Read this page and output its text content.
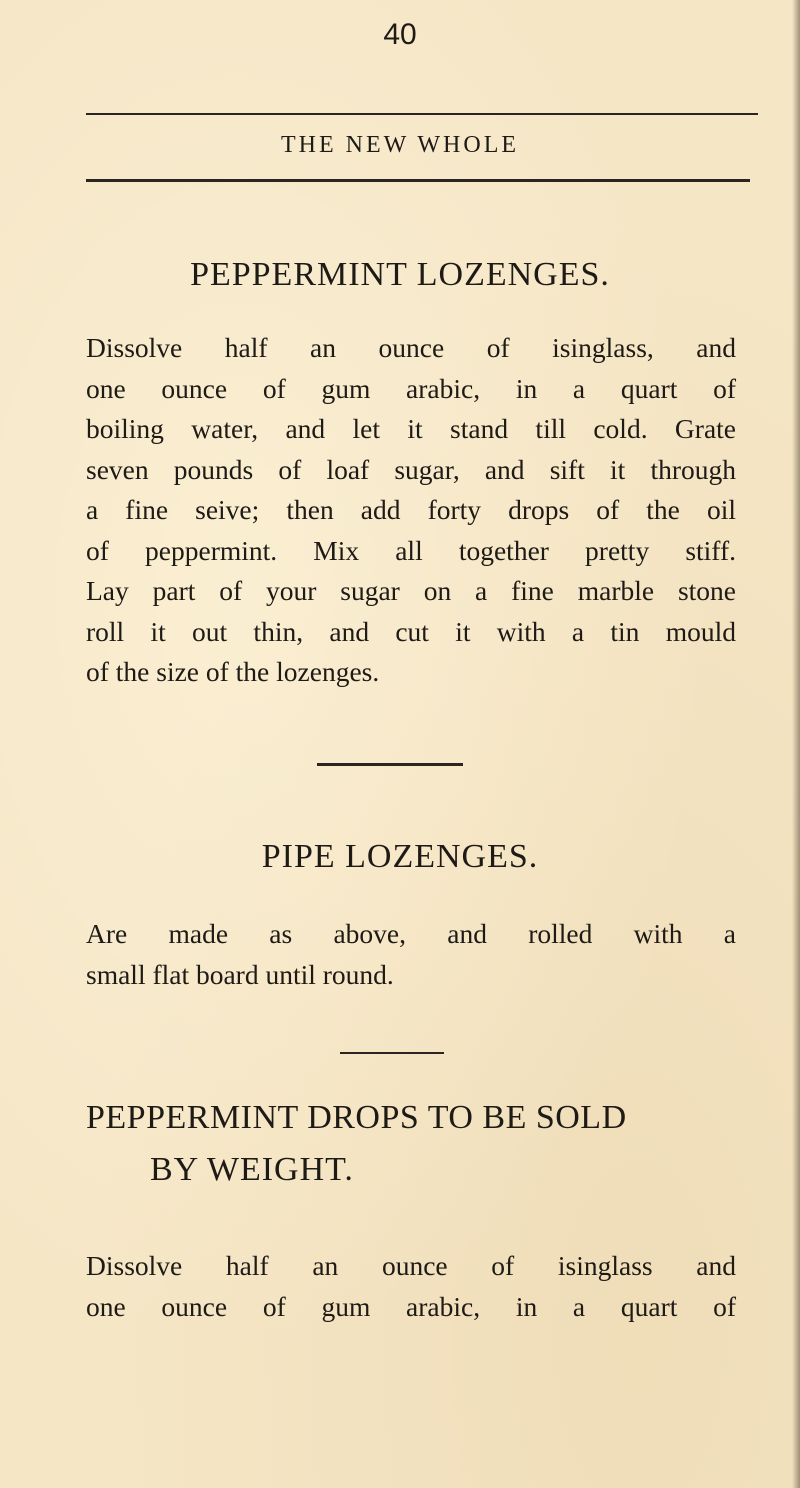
40
THE NEW WHOLE
PEPPERMINT LOZENGES.
Dissolve half an ounce of isinglass, and
one ounce of gum arabic, in a quart of
boiling water, and let it stand till cold. Grate
seven pounds of loaf sugar, and sift it through
a fine seive; then add forty drops of the oil
of peppermint. Mix all together pretty stiff.
Lay part of your sugar on a fine marble stone
roll it out thin, and cut it with a tin mould
of the size of the lozenges.
PIPE LOZENGES.
Are made as above, and rolled with a
small flat board until round.
PEPPERMINT DROPS TO BE SOLD
BY WEIGHT.
Dissolve half an ounce of isinglass and
one ounce of gum arabic, in a quart of
